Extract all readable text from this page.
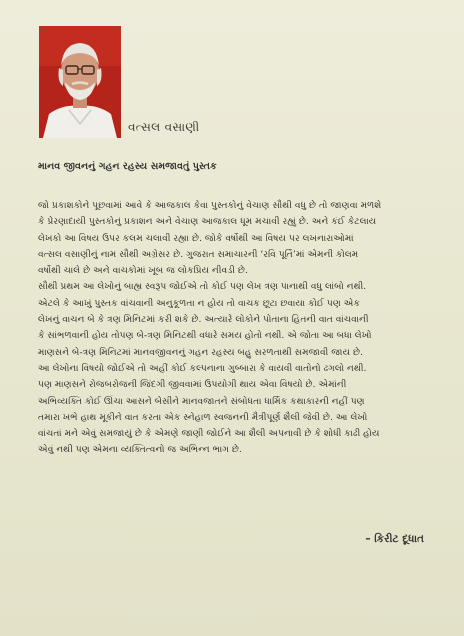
વત્સલ વસાણી
માનવ જીવનનું ગહન રહસ્ય સમજાવતું પુસ્તક
જો પ્રકાશકોને પૂછવામાં આવે કે આજકાલ કેવા પુસ્તકોનું વેચાણ સૌથી વધુ છે તો જાણવા મળશે
કે પ્રેરણાદાયી પુસ્તકોનું પ્રકાશન અને વેચાણ આજકાલ ધૂમ મચાવી રહ્યું છે. અને કંઈ કેટલાય
લેખકો આ વિષય ઉપર કલમ ચલાવી રહ્યા છે. જોકે વર્ષોથી આ વિષય પર લખનારાઓમાં
વત્સલ વસાણીનું નામ સૌથી અગ્રેસર છે. ગુજરાત સમાચારની ‘રવિ પૂર્તિ’માં એમની કોલમ
વર્ષોથી ચાલે છે અને વાચકોમાં ખૂબ જ લોકપ્રિય નીવડી છે.
સૌથી પ્રથમ આ લેખોનું બાહ્ય સ્વરૂપ જોઈએ તો કોઈ પણ લેખ ત્રણ પાનાથી વધુ લાંબો નથી.
એટલે કે આખું પુસ્તક વાંચવાની અનુકૂળતા ન હોય તો વાચક છૂટા છવાયા કોઈ પણ એક
લેખનું વાચન બે કે ત્રણ મિનિટમાં કરી શકે છે. અત્યારે લોકોને પોતાના હિતની વાત વાંચવાની
કે સાંભળવાની હોય તોપણ બે-ત્રણ મિનિટથી વધારે સમય હોતો નથી. એ જોતા આ બધા લેખો
માણસને બે-ત્રણ મિનિટમાં માનવજીવનનું ગહન રહસ્ય બહુ સરળતાથી સમજાવી જાય છે.
આ લેખોના વિષયો જોઈએ તો અહીં કોઈ કલ્પનાના ગુબ્બારા કે વાયવી વાતોનો ઢગલો નથી.
પણ માણસને રોજબરોજની જિંદગી જીવવામાં ઉપયોગી થાય એવા વિષયો છે. એમાંની
અભિવ્યક્તિ કોઈ ઊંચા આસને બેસીને માનવજાતને સંબોધતા ધાર્મિક કથાકારની નહીં પણ
તમારા ખભે હાથ મૂકીને વાત કરતા એક સ્નેહાળ સ્વજનની મૈત્રીપૂર્ણ શૈલી જેવી છે. આ લેખો
વાંચતાં મને એવું સમજાયું છે કે એમણે જાણી જોઈને આ શૈલી અપનાવી છે કે શોધી કાઢી હોય
એવું નથી પણ એમના વ્યક્તિત્વનો જ અભિન્ન ભાગ છે.
– કિરીટ દૂધાત
